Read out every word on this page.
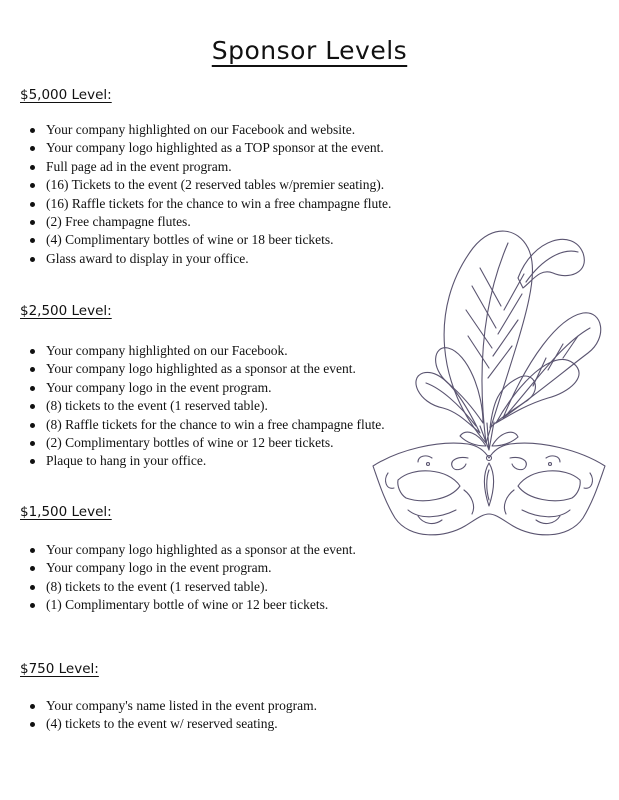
Sponsor Levels
$5,000 Level:
Your company highlighted on our Facebook and website.
Your company logo highlighted as a TOP sponsor at the event.
Full page ad in the event program.
(16) Tickets to the event (2 reserved tables w/premier seating).
(16) Raffle tickets for the chance to win a free champagne flute.
(2) Free champagne flutes.
(4) Complimentary bottles of wine or 18 beer tickets.
Glass award to display in your office.
$2,500 Level:
Your company highlighted on our Facebook.
Your company logo highlighted as a sponsor at the event.
Your company logo in the event program.
(8) tickets to the event (1 reserved table).
(8) Raffle tickets for the chance to win a free champagne flute.
(2) Complimentary bottles of wine or 12 beer tickets.
Plaque to hang in your office.
$1,500 Level:
Your company logo highlighted as a sponsor at the event.
Your company logo in the event program.
(8) tickets to the event (1 reserved table).
(1) Complimentary bottle of wine or 12 beer tickets.
$750 Level:
Your company's name listed in the event program.
(4) tickets to the event w/ reserved seating.
